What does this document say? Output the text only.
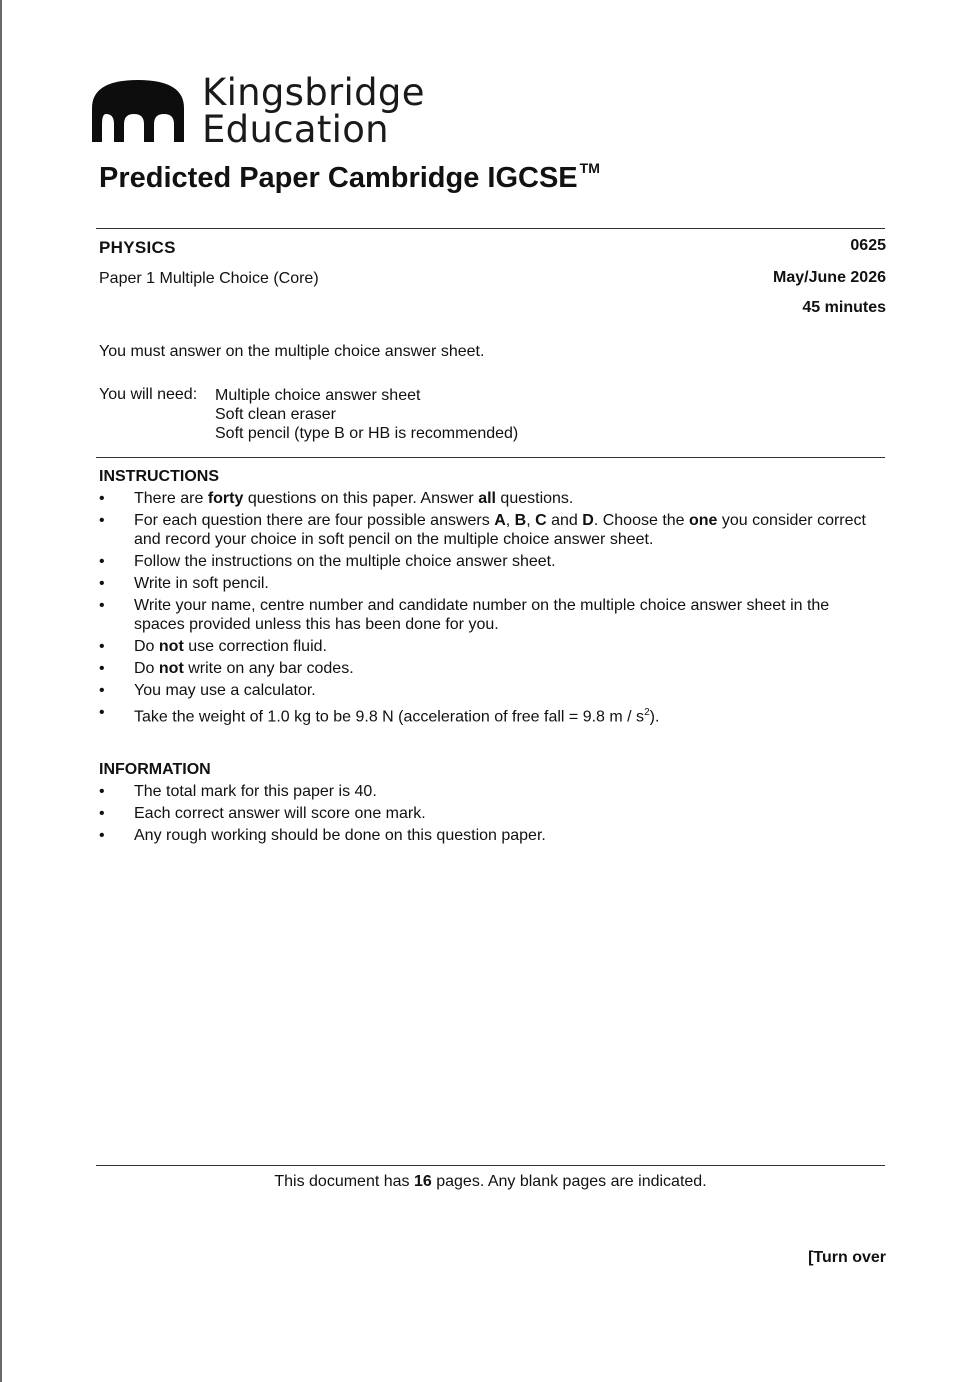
Kingsbridge
Education
Predicted Paper Cambridge IGCSE ™
PHYSICS
Paper 1 Multiple Choice (Core)
0625
May/June 2026
45 minutes
You must answer on the multiple choice answer sheet.
You will need: Multiple choice answer sheet
Soft clean eraser
Soft pencil (type B or HB is recommended)
INSTRUCTIONS
• There are forty questions on this paper. Answer all questions.
• For each question there are four possible answers A, B, C and D. Choose the one you consider correct
and record your choice in soft pencil on the multiple choice answer sheet.
• Follow the instructions on the multiple choice answer sheet.
• Write in soft pencil.
• Write your name, centre number and candidate number on the multiple choice answer sheet in the
spaces provided unless this has been done for you.
• Do not use correction fluid.
• Do not write on any bar codes.
• You may use a calculator.
• Take the weight of 1.0 kg to be 9.8 N (acceleration of free fall = 9.8 m / $s^2$).
INFORMATION
• The total mark for this paper is 40.
• Each correct answer will score one mark.
• Any rough working should be done on this question paper.
This document has 16 pages. Any blank pages are indicated.
[Turn over
